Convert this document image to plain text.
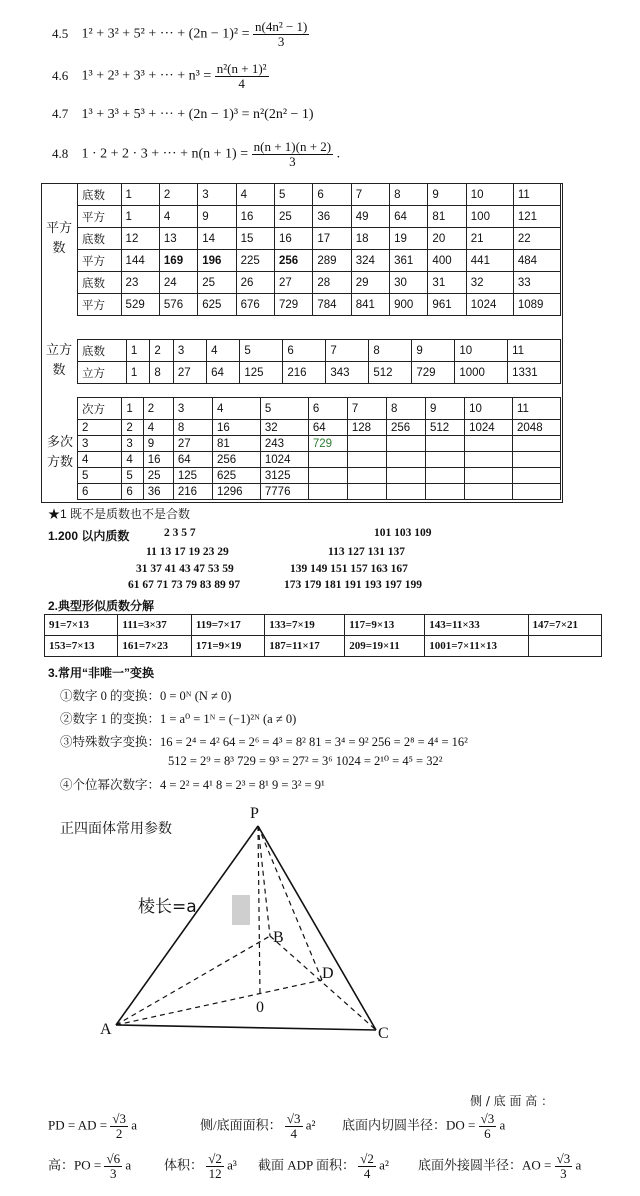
4.5 1² + 3² + 5² + ··· + $(2n - 1)^2 = \frac{\text{n(4n² − 1)}}{3}$
4.6 1³ + 2³ + 3³ + ··· + $n^3 = \frac{\text{n²(n + 1)²}}{4}$
4.7 1³ + 3³ + 5³ + ··· + (2n − 1)³ = n²(2n² − 1)
4.8 1 · 2 + 2 · 3 + ··· + $n(n + 1) = \frac{n(n + 1)(n + 2)}{3}$ .
平方
数
底数	1	2	3	4	5	6	7	8	9	10	11
平方	1	4	9	16	25	36	49	64	81	100	121
底数	12	13	14	15	16	17	18	19	20	21	22
平方	144	169	196	225	256	289	324	361	400	441	484
底数	23	24	25	26	27	28	29	30	31	32	33
平方	529	576	625	676	729	784	841	900	961	1024	1089
立方
数
底数	1	2	3	4	5	6	7	8	9	10	11
立方	1	8	27	64	125	216	343	512	729	1000	1331
多次
方数
次方	1	2	3	4	5	6	7	8	9	10	11
2	2	4	8	16	32	64	128	256	512	1024	2048
3	3	9	27	81	243	729					
4	4	16	64	256	1024						
5	5	25	125	625	3125						
6	6	36	216	1296	7776						
★1 既不是质数也不是合数
1.200 以内质数	2 3 5 7
11 13 17 19 23 29
31 37 41 43 47 53 59
61 67 71 73 79 83 89 97
101 103 109
113 127 131 137
139 149 151 157 163 167
173 179 181 191 193 197 199
2.典型形似质数分解
91=7×13	111=3×37	119=7×17	133=7×19	117=9×13	143=11×33	147=7×21
153=7×13	161=7×23	171=9×19	187=11×17	209=19×11	1001=7×11×13	
3.常用“非唯一”变换
①数字 0 的变换：0 = 0ᴺ (N ≠ 0)
②数字 1 的变换：1 = a⁰ = 1ᴺ = (−1)²ᴺ (a ≠ 0)
③特殊数字变换：16 = 2⁴ = 4² 64 = 2⁶ = 4³ = 8² 81 = 3⁴ = 9² 256 = 2⁸ = 4⁴ = 16²
512 = 2⁹ = 8³ 729 = 9³ = 27² = 3⁶ 1024 = 2¹⁰ = 4⁵ = 32²
④个位幂次数字：4 = 2² = 4¹ 8 = 2³ = 8¹ 9 = 3² = 9¹
正四面体常用参数
P
A
B
C
D
0
棱长=a
侧 / 底 面 高 ：
PD = AD = $\frac{√3}{2}$ a	侧/底面面积： $\frac{√3}{4} a^2$ 底面内切圆半径：DO = $\frac{√3}{6}$ a
高：PO = $\frac{√6}{3}$ a	体积： $\frac{√2}{12} a^3$ 截面 ADP 面积： $\frac{√2}{4} a^2$ 底面外接圆半径：AO = $\frac{√3}{3}$ a
